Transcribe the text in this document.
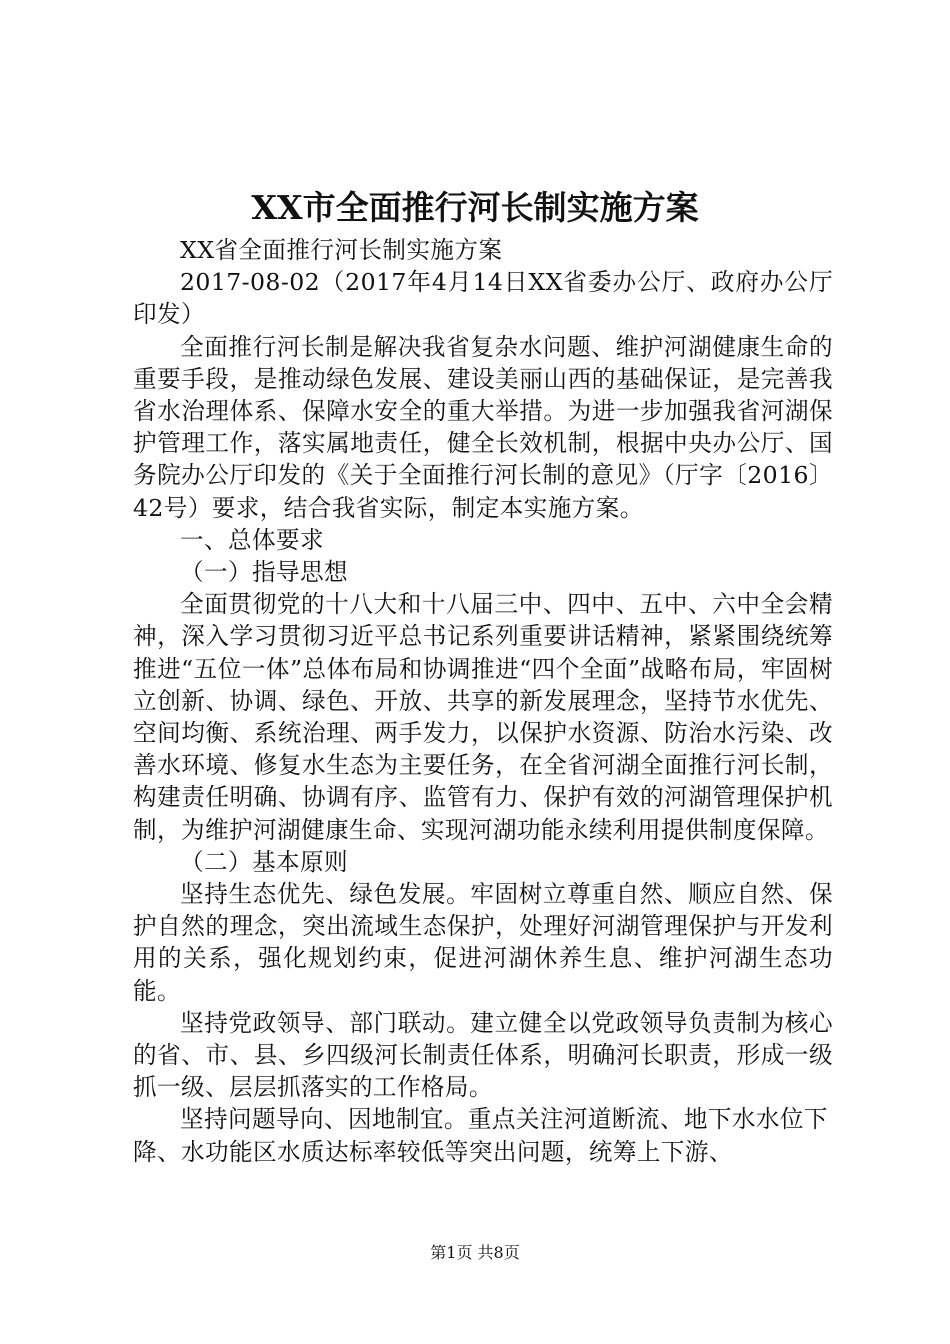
XX市全面推行河长制实施方案

XX省全面推行河长制实施方案

2017-08-02（2017年4月14日XX省委办公厅、政府办公厅印发）

全面推行河长制是解决我省复杂水问题、维护河湖健康生命的重要手段，是推动绿色发展、建设美丽山西的基础保证，是完善我省水治理体系、保障水安全的重大举措。为进一步加强我省河湖保护管理工作，落实属地责任，健全长效机制，根据中央办公厅、国务院办公厅印发的《关于全面推行河长制的意见》（厅字〔2016〕42号）要求，结合我省实际，制定本实施方案。

一、总体要求

（一）指导思想

全面贯彻党的十八大和十八届三中、四中、五中、六中全会精神，深入学习贯彻习近平总书记系列重要讲话精神，紧紧围绕统筹推进“五位一体”总体布局和协调推进“四个全面”战略布局，牢固树立创新、协调、绿色、开放、共享的新发展理念，坚持节水优先、空间均衡、系统治理、两手发力，以保护水资源、防治水污染、改善水环境、修复水生态为主要任务，在全省河湖全面推行河长制，构建责任明确、协调有序、监管有力、保护有效的河湖管理保护机制，为维护河湖健康生命、实现河湖功能永续利用提供制度保障。

（二）基本原则

坚持生态优先、绿色发展。牢固树立尊重自然、顺应自然、保护自然的理念，突出流域生态保护，处理好河湖管理保护与开发利用的关系，强化规划约束，促进河湖休养生息、维护河湖生态功能。

坚持党政领导、部门联动。建立健全以党政领导负责制为核心的省、市、县、乡四级河长制责任体系，明确河长职责，形成一级抓一级、层层抓落实的工作格局。

坚持问题导向、因地制宜。重点关注河道断流、地下水水位下降、水功能区水质达标率较低等突出问题，统筹上下游、

第1页 共8页
